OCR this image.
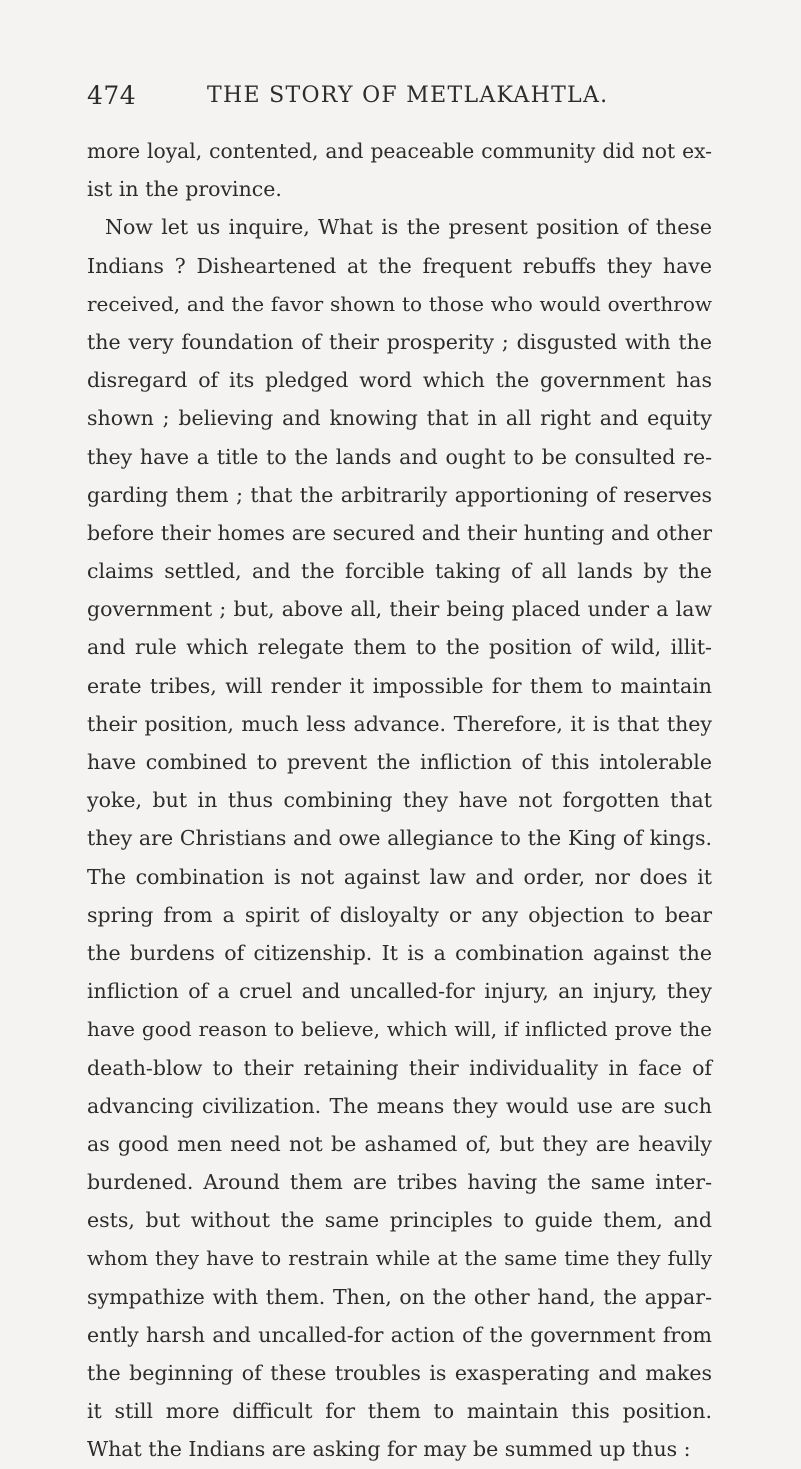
474	THE STORY OF METLAKAHTLA.
more loyal, contented, and peaceable community did not ex-
ist in the province.
Now let us inquire, What is the present position of these
Indians ? Disheartened at the frequent rebuffs they have
received, and the favor shown to those who would overthrow
the very foundation of their prosperity ; disgusted with the
disregard of its pledged word which the government has
shown ; believing and knowing that in all right and equity
they have a title to the lands and ought to be consulted re-
garding them ; that the arbitrarily apportioning of reserves
before their homes are secured and their hunting and other
claims settled, and the forcible taking of all lands by the
government ; but, above all, their being placed under a law
and rule which relegate them to the position of wild, illit-
erate tribes, will render it impossible for them to maintain
their position, much less advance. Therefore, it is that they
have combined to prevent the infliction of this intolerable
yoke, but in thus combining they have not forgotten that
they are Christians and owe allegiance to the King of kings.
The combination is not against law and order, nor does it
spring from a spirit of disloyalty or any objection to bear
the burdens of citizenship. It is a combination against the
infliction of a cruel and uncalled-for injury, an injury, they
have good reason to believe, which will, if inflicted prove the
death-blow to their retaining their individuality in face of
advancing civilization. The means they would use are such
as good men need not be ashamed of, but they are heavily
burdened. Around them are tribes having the same inter-
ests, but without the same principles to guide them, and
whom they have to restrain while at the same time they fully
sympathize with them. Then, on the other hand, the appar-
ently harsh and uncalled-for action of the government from
the beginning of these troubles is exasperating and makes
it still more difficult for them to maintain this position.
What the Indians are asking for may be summed up thus :
